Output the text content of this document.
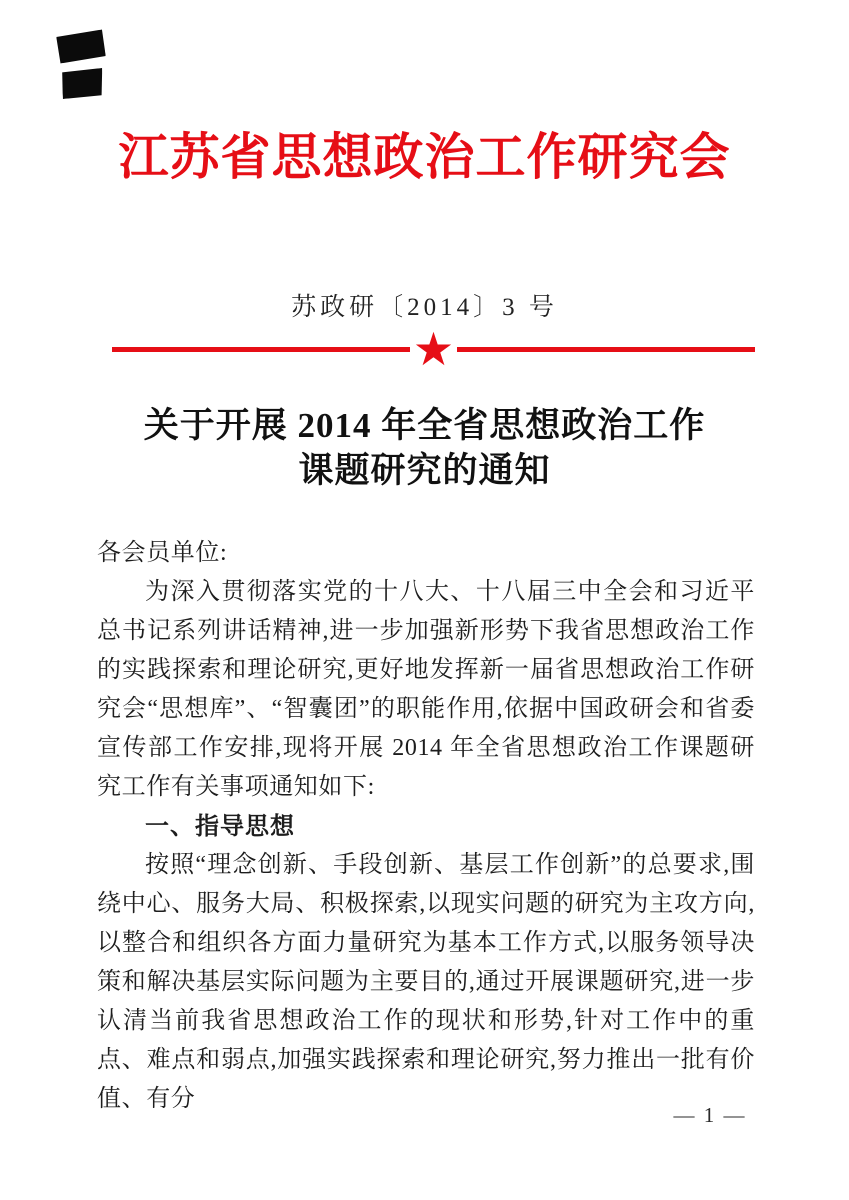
江苏省思想政治工作研究会
苏政研〔2014〕3 号
★
关于开展 2014 年全省思想政治工作
课题研究的通知

各会员单位:

为深入贯彻落实党的十八大、十八届三中全会和习近平总书记系列讲话精神,进一步加强新形势下我省思想政治工作的实践探索和理论研究,更好地发挥新一届省思想政治工作研究会“思想库”、“智囊团”的职能作用,依据中国政研会和省委宣传部工作安排,现将开展 2014 年全省思想政治工作课题研究工作有关事项通知如下:

一、指导思想

按照“理念创新、手段创新、基层工作创新”的总要求,围绕中心、服务大局、积极探索,以现实问题的研究为主攻方向,以整合和组织各方面力量研究为基本工作方式,以服务领导决策和解决基层实际问题为主要目的,通过开展课题研究,进一步认清当前我省思想政治工作的现状和形势,针对工作中的重点、难点和弱点,加强实践探索和理论研究,努力推出一批有价值、有分

— 1 —
